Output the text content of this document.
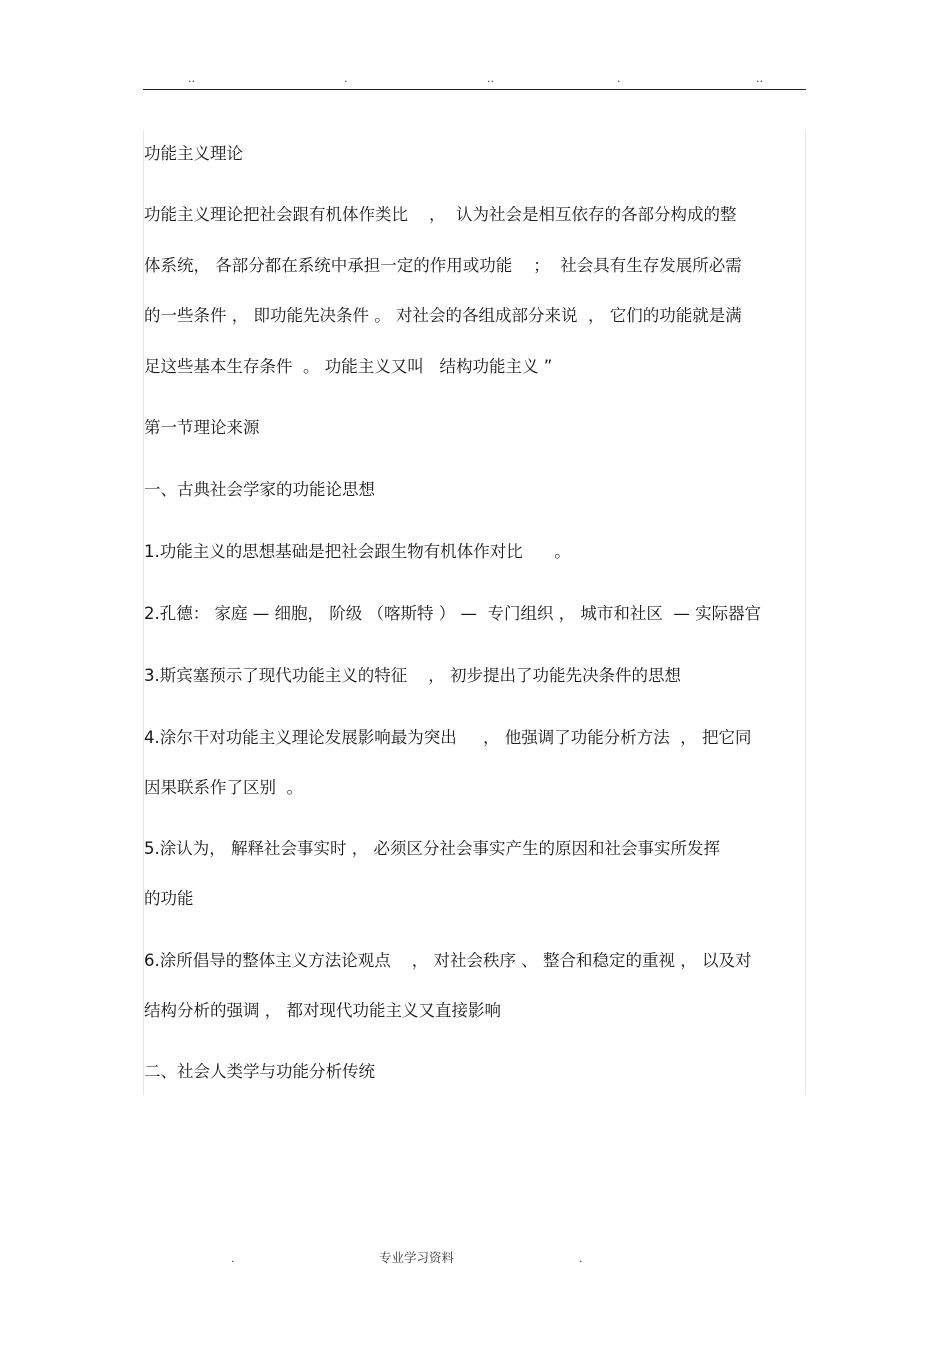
..	.	..	.	..
功能主义理论
功能主义理论把社会跟有机体作类比    ，  认为社会是相互依存的各部分构成的整
体系统， 各部分都在系统中承担一定的作用或功能    ；  社会具有生存发展所必需
的一些条件 ， 即功能先决条件 。 对社会的各组成部分来说  ， 它们的功能就是满
足这些基本生存条件  。 功能主义又叫   结构功能主义 ”
第一节理论来源
一、古典社会学家的功能论思想
1.功能主义的思想基础是把社会跟生物有机体作对比      。
2.孔德： 家庭 — 细胞， 阶级 （喀斯特 ） —  专门组织 ， 城市和社区  — 实际器官
3.斯宾塞预示了现代功能主义的特征    ， 初步提出了功能先决条件的思想
4.涂尔干对功能主义理论发展影响最为突出     ， 他强调了功能分析方法  ， 把它同
因果联系作了区别  。
5.涂认为， 解释社会事实时 ， 必须区分社会事实产生的原因和社会事实所发挥
的功能
6.涂所倡导的整体主义方法论观点    ， 对社会秩序 、 整合和稳定的重视 ， 以及对
结构分析的强调 ， 都对现代功能主义又直接影响
二、社会人类学与功能分析传统
.	专业学习资料	.
